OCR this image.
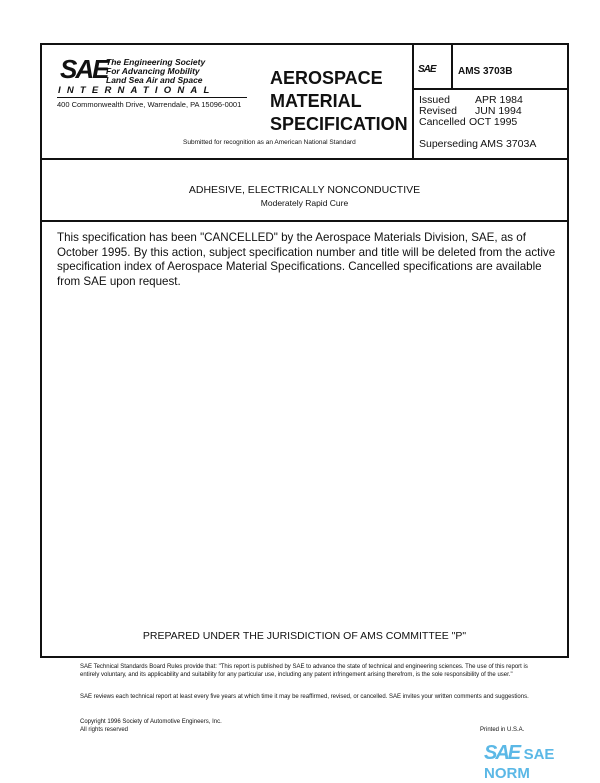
SAE
The Engineering Society
For Advancing Mobility
Land Sea Air and Space
INTERNATIONAL
400 Commonwealth Drive, Warrendale, PA 15096-0001
AEROSPACE
MATERIAL
SPECIFICATION
Submitted for recognition as an American National Standard
SAE AMS 3703B
Issued APR 1984
Revised JUN 1994
Cancelled OCT 1995
Superseding AMS 3703A
ADHESIVE, ELECTRICALLY NONCONDUCTIVE
Moderately Rapid Cure
This specification has been "CANCELLED" by the Aerospace Materials Division, SAE, as of October 1995. By this action, subject specification number and title will be deleted from the active specification index of Aerospace Material Specifications. Cancelled specifications are available from SAE upon request.
PREPARED UNDER THE JURISDICTION OF AMS COMMITTEE "P"
SAE Technical Standards Board Rules provide that: "This report is published by SAE to advance the state of technical and engineering sciences. The use of this report is entirely voluntary, and its applicability and suitability for any particular use, including any patent infringement arising therefrom, is the sole responsibility of the user."
SAE reviews each technical report at least every five years at which time it may be reaffirmed, revised, or cancelled. SAE invites your written comments and suggestions.
Copyright 1996 Society of Automotive Engineers, Inc.
All rights reserved	Printed in U.S.A.
SAE SAE NORM
